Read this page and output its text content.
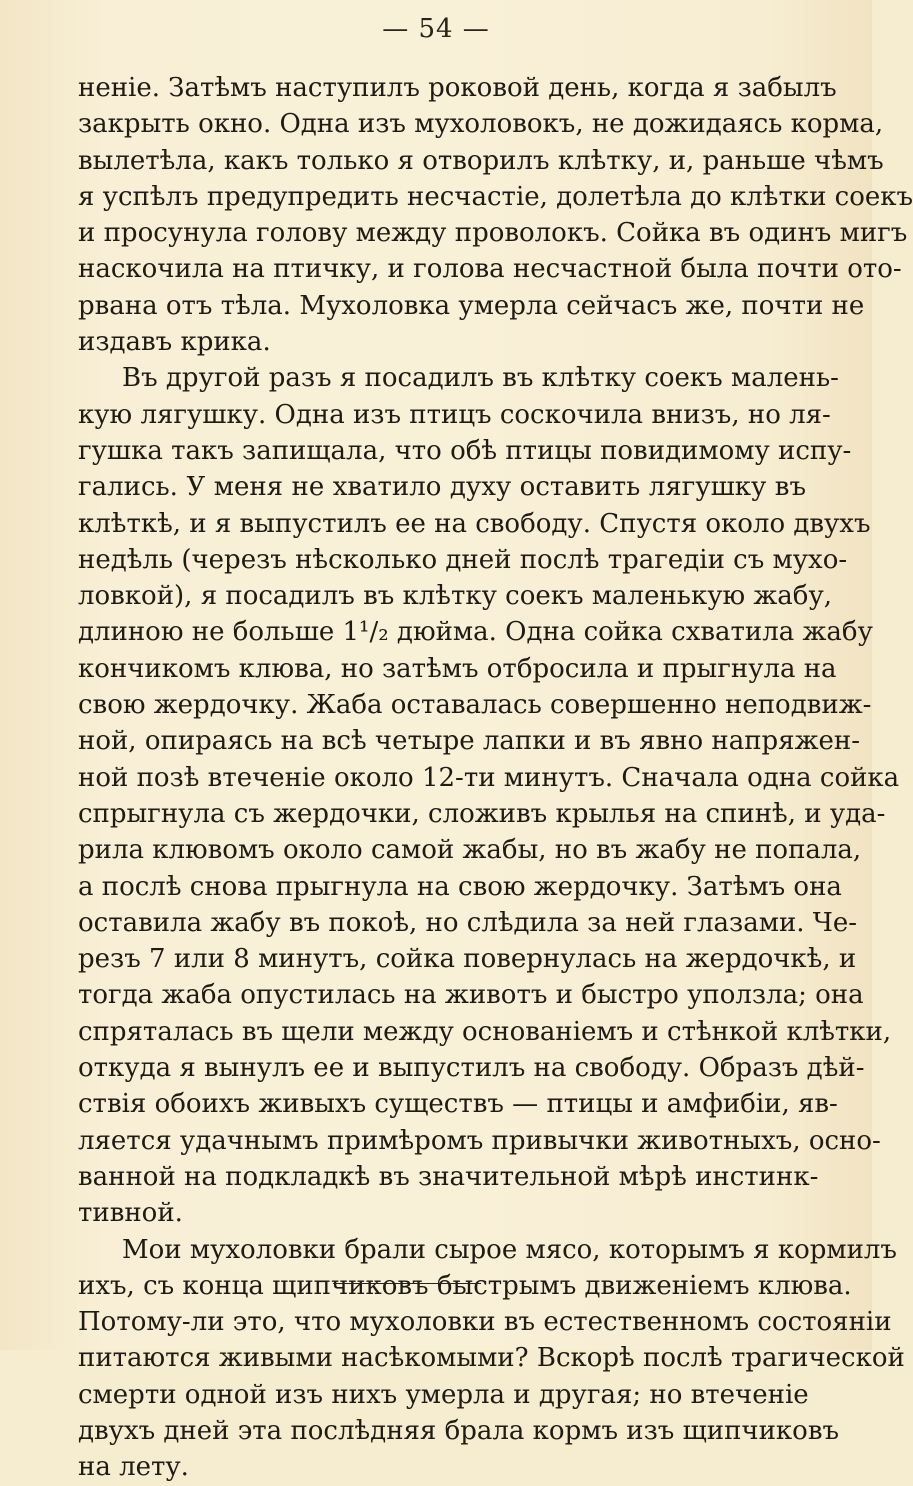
— 54 —
неніе. Затѣмъ наступилъ роковой день, когда я забылъ
закрыть окно. Одна изъ мухоловокъ, не дожидаясь корма,
вылетѣла, какъ только я отворилъ клѣтку, и, раньше чѣмъ
я успѣлъ предупредить несчастіе, долетѣла до клѣтки соекъ
и просунула голову между проволокъ. Сойка въ одинъ мигъ
наскочила на птичку, и голова несчастной была почти ото-
рвана отъ тѣла. Мухоловка умерла сейчасъ же, почти не
издавъ крика.
Въ другой разъ я посадилъ въ клѣтку соекъ малень-
кую лягушку. Одна изъ птицъ соскочила внизъ, но ля-
гушка такъ запищала, что обѣ птицы повидимому испу-
гались. У меня не хватило духу оставить лягушку въ
клѣткѣ, и я выпустилъ ее на свободу. Спустя около двухъ
недѣль (черезъ нѣсколько дней послѣ трагедіи съ мухо-
ловкой), я посадилъ въ клѣтку соекъ маленькую жабу,
длиною не больше 1¹/₂ дюйма. Одна сойка схватила жабу
кончикомъ клюва, но затѣмъ отбросила и прыгнула на
свою жердочку. Жаба оставалась совершенно неподвиж-
ной, опираясь на всѣ четыре лапки и въ явно напряжен-
ной позѣ втеченіе около 12-ти минутъ. Сначала одна сойка
спрыгнула съ жердочки, сложивъ крылья на спинѣ, и уда-
рила клювомъ около самой жабы, но въ жабу не попала,
а послѣ снова прыгнула на свою жердочку. Затѣмъ она
оставила жабу въ покоѣ, но слѣдила за ней глазами. Че-
резъ 7 или 8 минутъ, сойка повернулась на жердочкѣ, и
тогда жаба опустилась на животъ и быстро уползла; она
спряталась въ щели между основаніемъ и стѣнкой клѣтки,
откуда я вынулъ ее и выпустилъ на свободу. Образъ дѣй-
ствія обоихъ живыхъ существъ — птицы и амфибіи, яв-
ляется удачнымъ примѣромъ привычки животныхъ, осно-
ванной на подкладкѣ въ значительной мѣрѣ инстинк-
тивной.
Мои мухоловки брали сырое мясо, которымъ я кормилъ
ихъ, съ конца щипчиковъ быстрымъ движеніемъ клюва.
Потому-ли это, что мухоловки въ естественномъ состояніи
питаются живыми насѣкомыми? Вскорѣ послѣ трагической
смерти одной изъ нихъ умерла и другая; но втеченіе
двухъ дней эта послѣдняя брала кормъ изъ щипчиковъ
на лету.
